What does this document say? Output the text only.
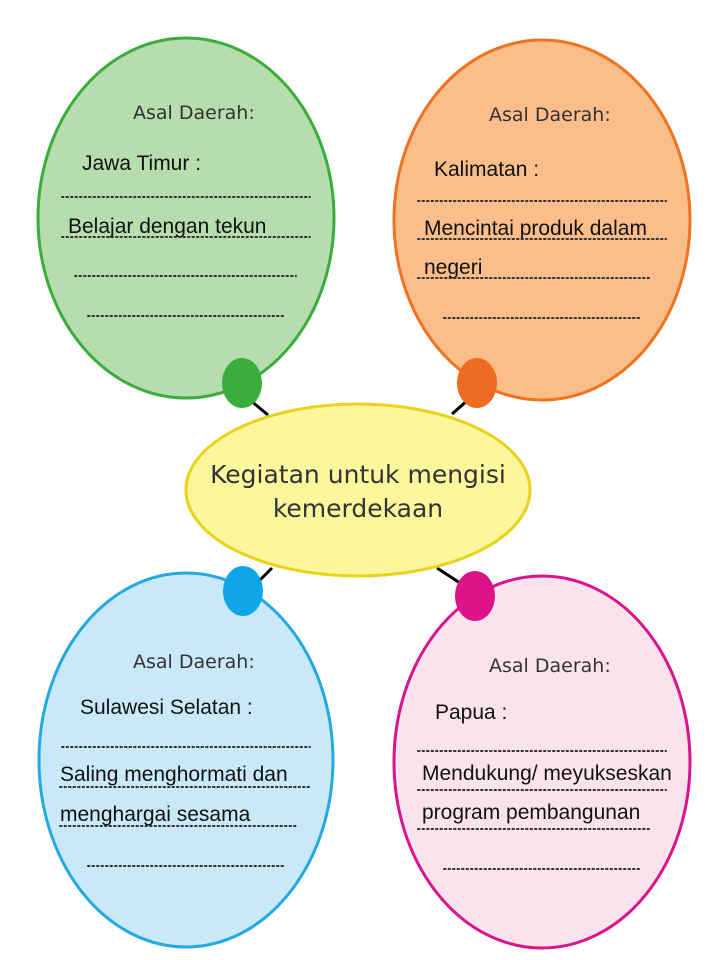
Asal Daerah:
Jawa Timur :
Belajar dengan tekun
Asal Daerah:
Kalimatan :
Mencintai produk dalam
negeri
Kegiatan untuk mengisi
kemerdekaan
Asal Daerah:
Sulawesi Selatan :
Saling menghormati dan
menghargai sesama
Asal Daerah:
Papua :
Mendukung/ meyukseskan
program pembangunan
